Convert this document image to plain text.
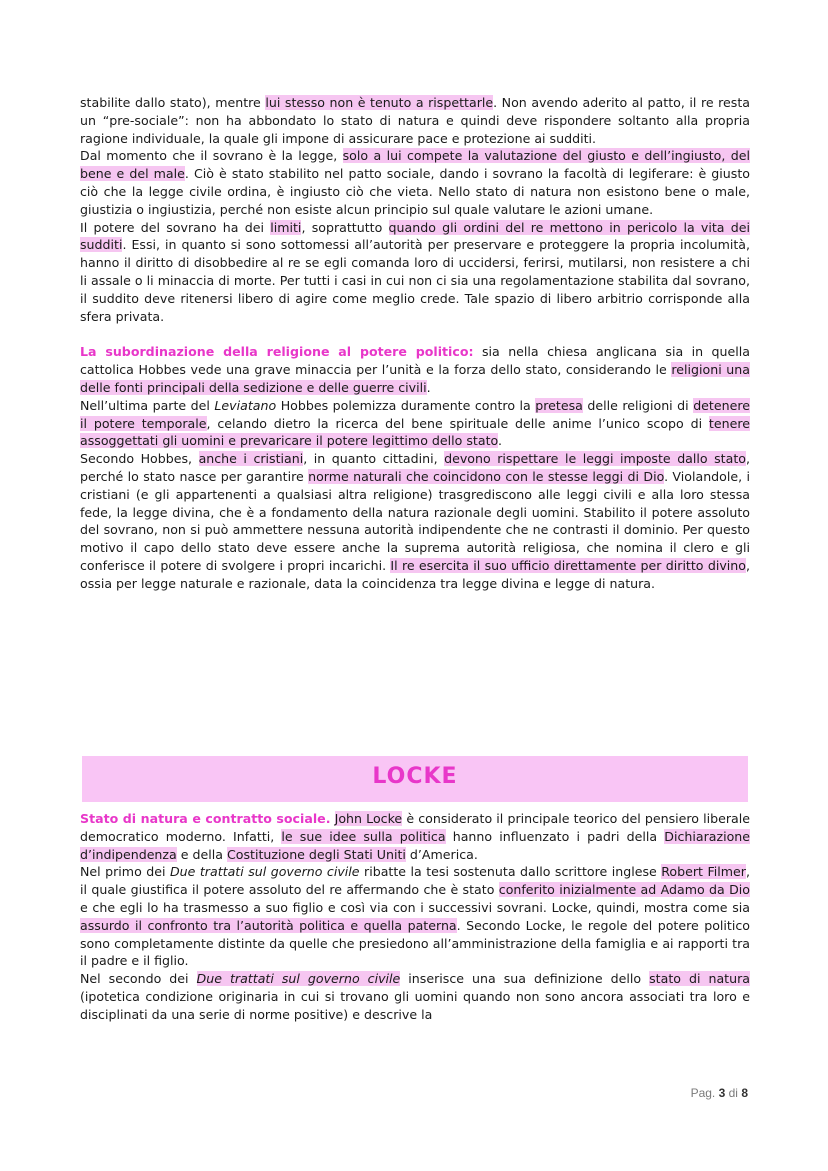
stabilite dallo stato), mentre lui stesso non è tenuto a rispettarle. Non avendo aderito al patto, il re resta un “pre-sociale”: non ha abbondato lo stato di natura e quindi deve rispondere soltanto alla propria ragione individuale, la quale gli impone di assicurare pace e protezione ai sudditi.

Dal momento che il sovrano è la legge, solo a lui compete la valutazione del giusto e dell’ingiusto, del bene e del male. Ciò è stato stabilito nel patto sociale, dando i sovrano la facoltà di legiferare: è giusto ciò che la legge civile ordina, è ingiusto ciò che vieta. Nello stato di natura non esistono bene o male, giustizia o ingiustizia, perché non esiste alcun principio sul quale valutare le azioni umane.

Il potere del sovrano ha dei limiti, soprattutto quando gli ordini del re mettono in pericolo la vita dei sudditi. Essi, in quanto si sono sottomessi all’autorità per preservare e proteggere la propria incolumità, hanno il diritto di disobbedire al re se egli comanda loro di uccidersi, ferirsi, mutilarsi, non resistere a chi li assale o li minaccia di morte. Per tutti i casi in cui non ci sia una regolamentazione stabilita dal sovrano, il suddito deve ritenersi libero di agire come meglio crede. Tale spazio di libero arbitrio corrisponde alla sfera privata.

La subordinazione della religione al potere politico: sia nella chiesa anglicana sia in quella cattolica Hobbes vede una grave minaccia per l’unità e la forza dello stato, considerando le religioni una delle fonti principali della sedizione e delle guerre civili.

Nell’ultima parte del Leviatano Hobbes polemizza duramente contro la pretesa delle religioni di detenere il potere temporale, celando dietro la ricerca del bene spirituale delle anime l’unico scopo di tenere assoggettati gli uomini e prevaricare il potere legittimo dello stato.

Secondo Hobbes, anche i cristiani, in quanto cittadini, devono rispettare le leggi imposte dallo stato, perché lo stato nasce per garantire norme naturali che coincidono con le stesse leggi di Dio. Violandole, i cristiani (e gli appartenenti a qualsiasi altra religione) trasgrediscono alle leggi civili e alla loro stessa fede, la legge divina, che è a fondamento della natura razionale degli uomini. Stabilito il potere assoluto del sovrano, non si può ammettere nessuna autorità indipendente che ne contrasti il dominio. Per questo motivo il capo dello stato deve essere anche la suprema autorità religiosa, che nomina il clero e gli conferisce il potere di svolgere i propri incarichi. Il re esercita il suo ufficio direttamente per diritto divino, ossia per legge naturale e razionale, data la coincidenza tra legge divina e legge di natura.

LOCKE

Stato di natura e contratto sociale. John Locke è considerato il principale teorico del pensiero liberale democratico moderno. Infatti, le sue idee sulla politica hanno influenzato i padri della Dichiarazione d’indipendenza e della Costituzione degli Stati Uniti d’America.

Nel primo dei Due trattati sul governo civile ribatte la tesi sostenuta dallo scrittore inglese Robert Filmer, il quale giustifica il potere assoluto del re affermando che è stato conferito inizialmente ad Adamo da Dio e che egli lo ha trasmesso a suo figlio e così via con i successivi sovrani. Locke, quindi, mostra come sia assurdo il confronto tra l’autorità politica e quella paterna. Secondo Locke, le regole del potere politico sono completamente distinte da quelle che presiedono all’amministrazione della famiglia e ai rapporti tra il padre e il figlio.

Nel secondo dei Due trattati sul governo civile inserisce una sua definizione dello stato di natura (ipotetica condizione originaria in cui si trovano gli uomini quando non sono ancora associati tra loro e disciplinati da una serie di norme positive) e descrive la

Pag. 3 di 8
